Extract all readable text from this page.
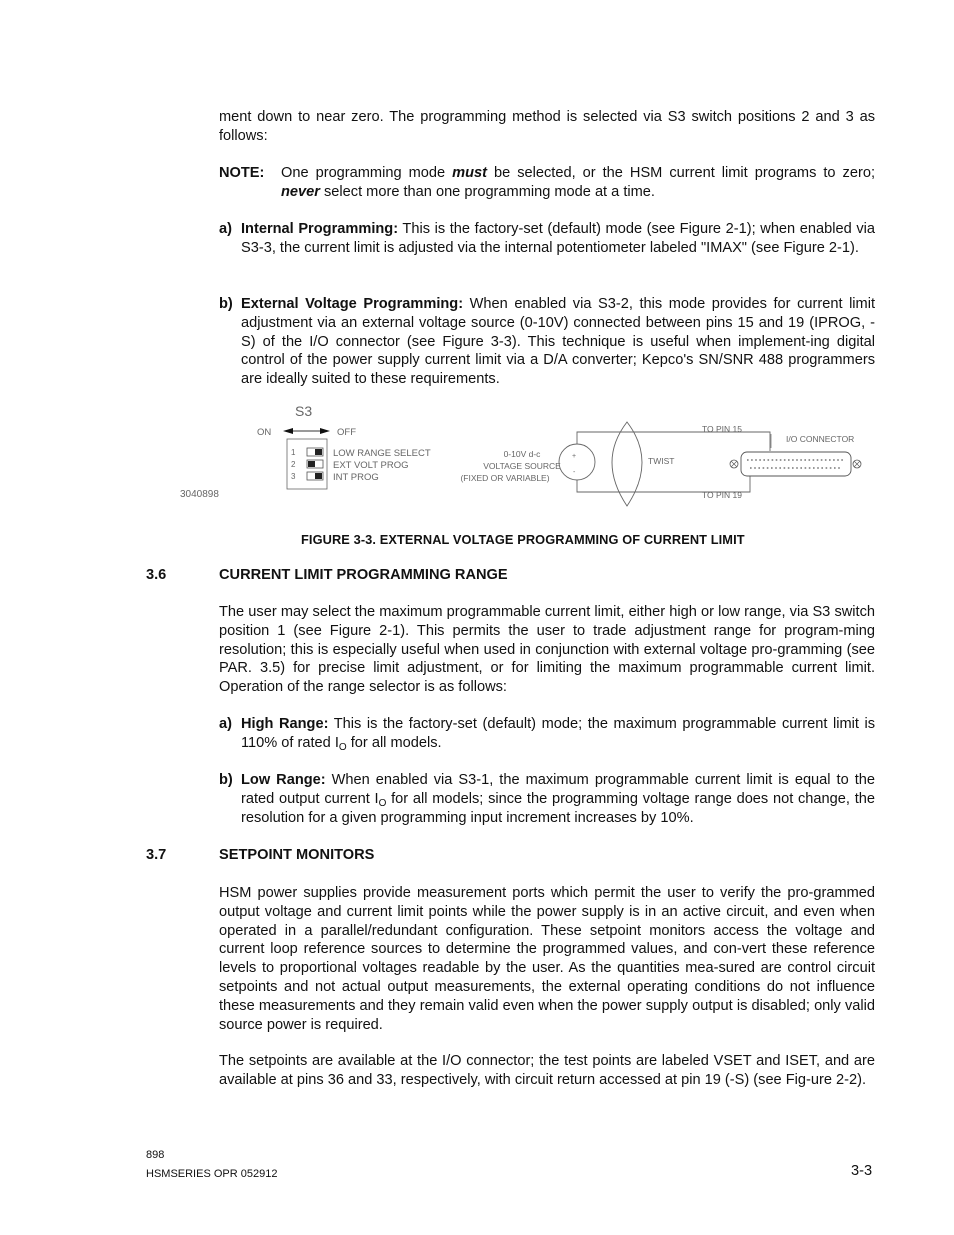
ment down to near zero. The programming method is selected via S3 switch positions 2 and 3 as follows:

NOTE: One programming mode must be selected, or the HSM current limit programs to zero; never select more than one programming mode at a time.
a) Internal Programming: This is the factory-set (default) mode (see Figure 2-1); when enabled via S3-3, the current limit is adjusted via the internal potentiometer labeled "IMAX" (see Figure 2-1).
b) External Voltage Programming: When enabled via S3-2, this mode provides for current limit adjustment via an external voltage source (0-10V) connected between pins 15 and 19 (IPROG, -S) of the I/O connector (see Figure 3-3). This technique is useful when implement-ing digital control of the power supply current limit via a D/A converter; Kepco's SN/SNR 488 programmers are ideally suited to these requirements.
S3
ON	OFF
1
2
3
LOW RANGE SELECT
EXT VOLT PROG
INT PROG
3040898
0-10V d-c
VOLTAGE SOURCE
(FIXED OR VARIABLE)
+
-
TWIST
TO PIN 15
TO PIN 19
I/O CONNECTOR
FIGURE 3-3. EXTERNAL VOLTAGE PROGRAMMING OF CURRENT LIMIT
3.6	CURRENT LIMIT PROGRAMMING RANGE

The user may select the maximum programmable current limit, either high or low range, via S3 switch position 1 (see Figure 2-1). This permits the user to trade adjustment range for program-ming resolution; this is especially useful when used in conjunction with external voltage pro-gramming (see PAR. 3.5) for precise limit adjustment, or for limiting the maximum programmable current limit. Operation of the range selector is as follows:

a) High Range: This is the factory-set (default) mode; the maximum programmable current limit is 110% of rated $I_O$ for all models.
b) Low Range: When enabled via S3-1, the maximum programmable current limit is equal to the rated output current $I_O$ for all models; since the programming voltage range does not change, the resolution for a given programming input increment increases by 10%.
3.7	SETPOINT MONITORS

HSM power supplies provide measurement ports which permit the user to verify the pro-grammed output voltage and current limit points while the power supply is in an active circuit, and even when operated in a parallel/redundant configuration. These setpoint monitors access the voltage and current loop reference sources to determine the programmed values, and con-vert these reference levels to proportional voltages readable by the user. As the quantities mea-sured are control circuit setpoints and not actual output measurements, the external operating conditions do not influence these measurements and they remain valid even when the power supply output is disabled; only valid source power is required.

The setpoints are available at the I/O connector; the test points are labeled VSET and ISET, and are available at pins 36 and 33, respectively, with circuit return accessed at pin 19 (-S) (see Fig-ure 2-2).

898
HSMSERIES OPR 052912	3-3
